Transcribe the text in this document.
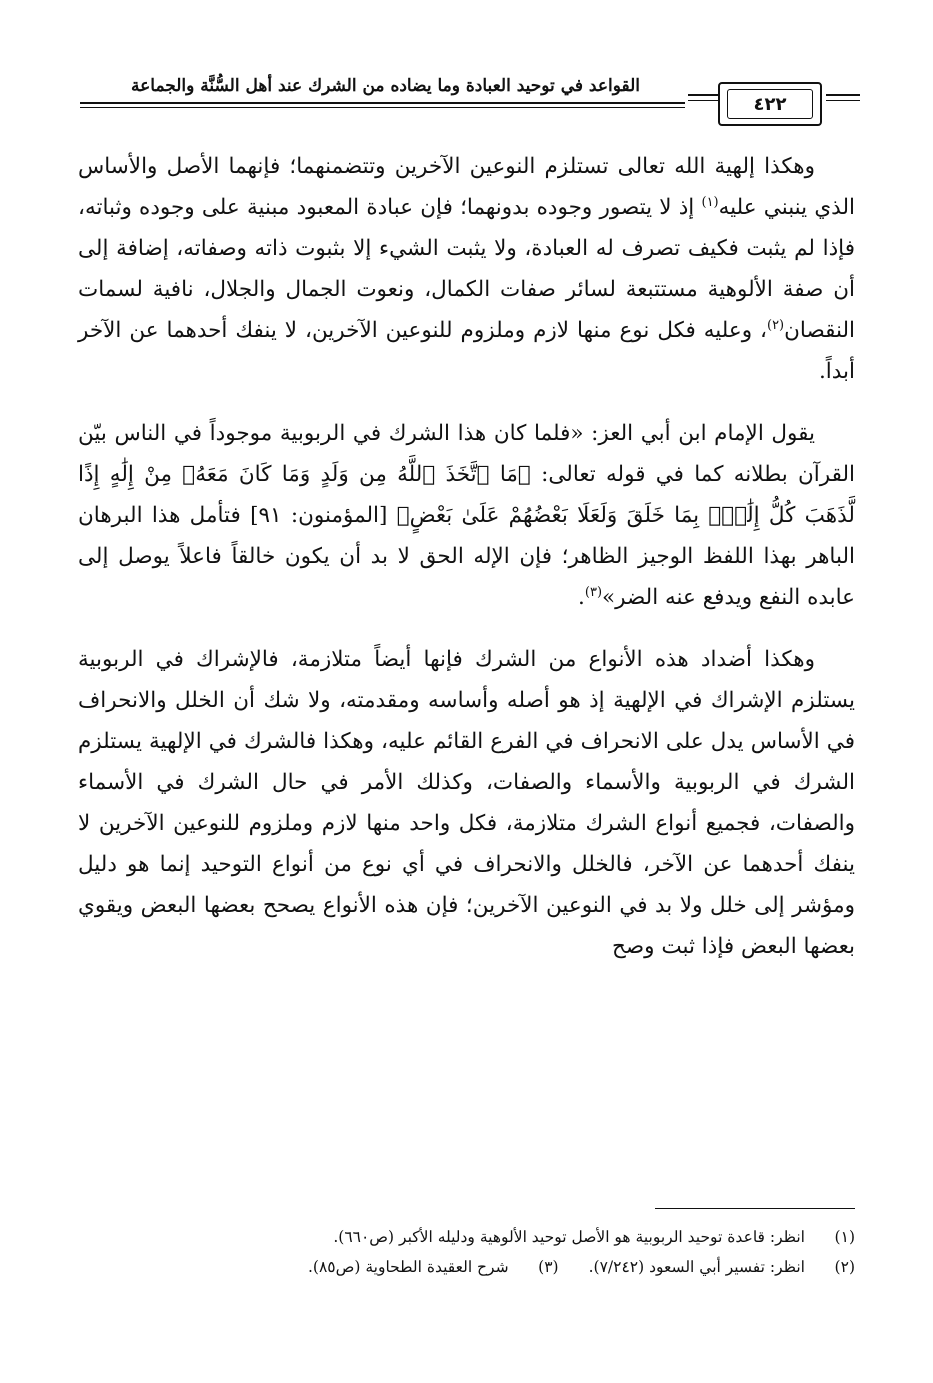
القواعد في توحيد العبادة وما يضاده من الشرك عند أهل السُّنَّة والجماعة
٤٢٢

وهكذا إلهية الله تعالى تستلزم النوعين الآخرين وتتضمنهما؛ فإنهما الأصل والأساس الذي ينبني عليه$^{(١)}$ إذ لا يتصور وجوده بدونهما؛ فإن عبادة المعبود مبنية على وجوده وثباته، فإذا لم يثبت فكيف تصرف له العبادة، ولا يثبت الشيء إلا بثبوت ذاته وصفاته، إضافة إلى أن صفة الألوهية مستتبعة لسائر صفات الكمال، ونعوت الجمال والجلال، نافية لسمات النقصان$^{(٢)}$، وعليه فكل نوع منها لازم وملزوم للنوعين الآخرين، لا ينفك أحدهما عن الآخر أبداً.

يقول الإمام ابن أبي العز: «فلما كان هذا الشرك في الربوبية موجوداً في الناس بيّن القرآن بطلانه كما في قوله تعالى: ﴿مَا ٱتَّخَذَ ٱللَّهُ مِن وَلَدٍ وَمَا كَانَ مَعَهُۥ مِنْ إِلَٰهٍ إِذًا لَّذَهَبَ كُلُّ إِلَٰهٍۭ بِمَا خَلَقَ وَلَعَلَا بَعْضُهُمْ عَلَىٰ بَعْضٍ﴾ [المؤمنون: ٩١] فتأمل هذا البرهان الباهر بهذا اللفظ الوجيز الظاهر؛ فإن الإله الحق لا بد أن يكون خالقاً فاعلاً يوصل إلى عابده النفع ويدفع عنه الضر»$^{(٣)}$.

وهكذا أضداد هذه الأنواع من الشرك فإنها أيضاً متلازمة، فالإشراك في الربوبية يستلزم الإشراك في الإلهية إذ هو أصله وأساسه ومقدمته، ولا شك أن الخلل والانحراف في الأساس يدل على الانحراف في الفرع القائم عليه، وهكذا فالشرك في الإلهية يستلزم الشرك في الربوبية والأسماء والصفات، وكذلك الأمر في حال الشرك في الأسماء والصفات، فجميع أنواع الشرك متلازمة، فكل واحد منها لازم وملزوم للنوعين الآخرين لا ينفك أحدهما عن الآخر، فالخلل والانحراف في أي نوع من أنواع التوحيد إنما هو دليل ومؤشر إلى خلل ولا بد في النوعين الآخرين؛ فإن هذه الأنواع يصحح بعضها البعض ويقوي بعضها البعض فإذا ثبت وصح

(١)انظر: قاعدة توحيد الربوبية هو الأصل توحيد الألوهية ودليله الأكبر (ص٦٦٠).
(٢)انظر: تفسير أبي السعود (٧/٢٤٢).(٣)شرح العقيدة الطحاوية (ص٨٥).
